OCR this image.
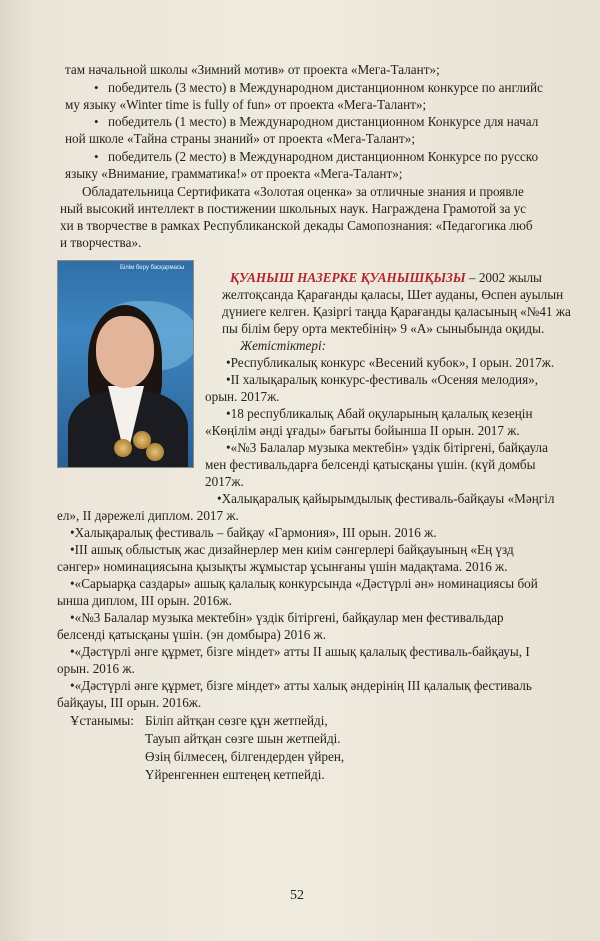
там начальной школы «Зимний мотив» от проекта «Мега-Талант»;
• победитель (3 место) в Международном дистанционном конкурсе по английс
му языку «Winter time is fully of fun» от проекта «Мега-Талант»;
• победитель (1 место) в Международном дистанционном Конкурсе для начал
ной школе «Тайна страны знаний» от проекта «Мега-Талант»;
• победитель (2 место) в Международном дистанционном Конкурсе по русско
языку «Внимание, грамматика!» от проекта «Мега-Талант»;
Обладательница Сертификата «Золотая оценка» за отличные знания и проявле
ный высокий интеллект в постижении школьных наук. Награждена Грамотой за ус
хи в творчестве в рамках Республиканской декады Самопознания: «Педагогика люб
и творчества».
Білім беру басқармасы
ҚУАНЫШ НАЗЕРКЕ ҚУАНЫШҚЫЗЫ – 2002 жылы
желтоқсанда Қарағанды қаласы, Шет ауданы, Өспен ауылын
дүниеге келген. Қазіргі таңда Қарағанды қаласының «№41 жа
пы білім беру орта мектебінің» 9 «А» сыныбында оқиды.
Жетістіктері:
•Республикалық конкурс «Весений кубок», I орын. 2017ж.
•II халықаралық конкурс-фестиваль «Осеняя мелодия»,
орын. 2017ж.
•18 республикалық Абай оқуларының қалалық кезеңін
«Көңілім әнді ұғады» бағыты бойынша II орын. 2017 ж.
•«№3 Балалар музыка мектебін» үздік бітіргені, байқаула
мен фестивальдарға белсенді қатысқаны үшін. (күй домбы
2017ж.
•Халықаралық қайырымдылық фестиваль-байқауы «Мәңгіл
ел», II дәрежелі диплом. 2017 ж.
•Халықаралық фестиваль – байқау «Гармония», III орын. 2016 ж.
•III ашық облыстық жас дизайнерлер мен киім сәнгерлері байқауының «Ең үзд
сәнгер» номинациясына қызықты жұмыстар ұсынғаны үшін мадақтама. 2016 ж.
•«Сарыарқа саздары» ашық қалалық конкурсында «Дәстүрлі ән» номинациясы бой
ынша диплом, III орын. 2016ж.
•«№3 Балалар музыка мектебін» үздік бітіргені, байқаулар мен фестивальдар
белсенді қатысқаны үшін. (эн домбыра) 2016 ж.
•«Дәстүрлі әнге құрмет, бізге міндет» атты II ашық қалалық фестиваль-байқауы, I
орын. 2016 ж.
•«Дәстүрлі әнге құрмет, бізге міндет» атты халық әндерінің III қалалық фестиваль
байқауы, III орын. 2016ж.
Ұстанымы: Біліп айтқан сөзге құн жетпейді,
Тауып айтқан сөзге шын жетпейді.
Өзің білмесең, білгендерден үйрен,
Үйренгеннен ештеңең кетпейді.
52
